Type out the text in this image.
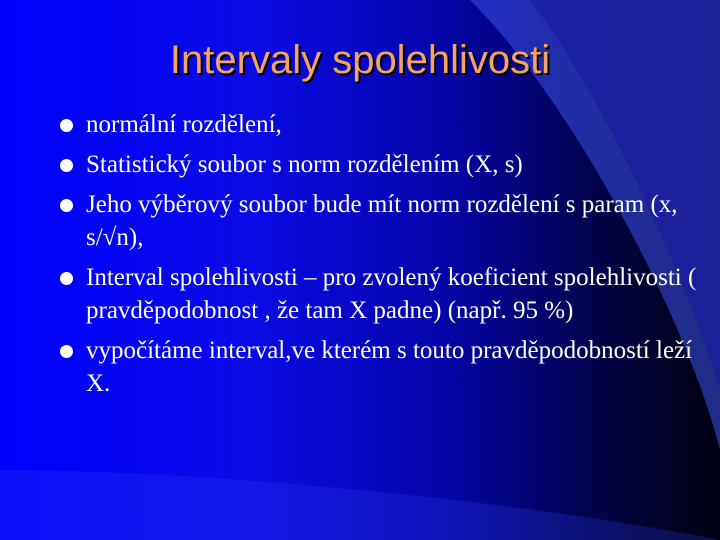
Intervaly spolehlivosti
normální rozdělení,
Statistický soubor s norm rozdělením (X, s)
Jeho výběrový soubor bude mít norm rozdělení s param (x, s/√n),
Interval spolehlivosti – pro zvolený koeficient spolehlivosti ( pravděpodobnost , že tam X padne) (např. 95 %)
vypočítáme interval,ve kterém s touto pravděpodobností leží X.
